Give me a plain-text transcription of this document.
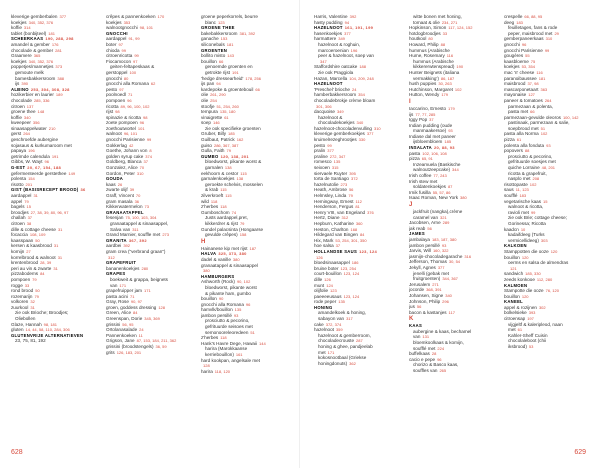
kleverige gemberbalen 377
koekjes 340, 352, 376
koffie 314
tablet (bonbijteel) 181
SCHEERKAAS 190, 288, 298
amandel & gember 176
chocolade & gember 281
Graamere 365
koekjes 340, 352, 376
poppetjes/mannetjes 373
gemoute melk
bamesbakkersroom 388
ijs 390
ALBINO 253, 304, 308, 328
hozikerbier en laurier 189
chocolade 285, 336
citroen 137
groene thee 148
koffie 340
kweepeer 356
sinaasappelwater 210
gerst 264
geschroefde aubergine
sojasaus & kurkumaroom met
papaya 196
getrimde calendula 191
Gibbs, W. Wayt 96
G-EST 20, 67, 154, 188
gefermenteerde gerstethee 149
polenta 154
risotto 201
GIST (BASISRECEPT BROOD) 36
aardappel 31
appel 79
bagels 15
broodjes 27, 38, 39, 80, 96, 97
challah 37
citroen 38
dille & cottage cheese 31
focaccia 108, 109
kaasspaan 50
kersen & kaasbrood 31
komijn 27
korrelbrood & walnoot 31
krentenbrood 28, 39
peri au vin & zwarte 31
pizzabodems 84
pompoen 79
rogge 33
rond brood 50
rozemarijn 79
volkoren 32
zuurkool 31
zie ook Brioche; Broodjes;
Oliebollen
Glaze, Hannah 98, 181
gluten 14, 44, 58, 110, 284, 306
GLUTENVRIJE ALTERNATIEVEN
23, 75, 81, 192
crêpes & pannenkoeken 170
koekjes 353
walnootgnocchi 98, 101
GNOCCHI
aardappel 91, 99
boter 97
chioda 99
citroenricotta 99
Fiocamocon 97
geiten-feltapeskaas &
gerstoppel 100
gnocchi 80
gnocchi alla Romana 62
pesto 97
poolnoedl 71
pompoen 96
ricotta 89, 96, 100, 102
rijst 98
spinazie & ricotta 98
zoete pompoen 96
zoethoutwortel 101
walnoot 96, 101
gnocchi Parisienne 99
Gokkerlag 42
Goethe, Johann von 8
golden syrup cake 374
Goldberg, Blanca 37
Gonzalez, Alice 70
Gordon, Peter 310
GOUDA
kaas 26
zwarte olijf 39
Graff, Vincent 70
gram masala 36
Kikkerwatermelon 73
GRANAATAPPEL
fesenjan 75, 100, 103, 304
granaatappel & sinaasappel,
Salva van 311
Grand Marnier, souffle met 273
GRANITA 367, 392
aardbei 392
gram crea ("verbrand graan")
312
GRAPEFRUIT
bananenkoekjes 280
GRAPES
boekweit & grappa, beignets
van 171
grapefruipper jam 171
pasta acini 71
Gray, Rose 90, 97
groen, goddess dressing 128
Green, Alice 84
Greenspan, Dorie 345, 369
grissini 56, 95
Ortolanasalade 24
Pannenkoeken 11
Grigson, Jane 87, 153, 184, 211, 362
grissini (broodstengels) 36, 59
grits 126, 183, 201
groene peperkorrels, beurre
blanc 123
GROENE THEE
bakebakkersroom 381, 392
ganache 153
siliconebals 181
GROENTEN
bollito misto 143
bouillon 66
genoemde groenten en
getrokte rijst 191
'hedge dressearheid' 178, 256
ijs pan 94
kardepoke & groentebouil 66
olie 261, 290
olie 254
stoofje 51, 254, 260
tempura 135, 180
vinaigrette 61
soep 146
zie ook specifieke groenten
Gruber, Billy 185
Guilbaut, Patrick 162
guiso 286, 367, 387
Gulla, Faith 79
GUMBO 120, 138, 201
bloedworst, pikante worst &
garnalen 138
eekhoorn & cestor 115
garnalenkoekjes 138
geroekte schelvis, mosselen
& krab 115
zilverkroeft 115
wild 118
z'herbes 118
Gumboschom 74
Justs aardappel,pret,
kikkerdrer & rijst 79
Gundel palacsinta (Hongaarse
gevulde crêpes) 158
H
Hainanese kip met rijst 187
HALVA 325, 373, 380
dadel & vanille 380
granaatappel & sinaasappel
380
HAMBURGERS
Ashworth (Rock) 90, 102
bloedworst, pikante worst
& pikante ham, gumbo
bouillon 90
gnocchi alla Romana 96
hamvlk/bouillon 135
jambon persillé 93
prosciutto & pecorino,
gefrituurde seisoes met
semonooreleoredeen 51
z'herbes 118
Hank's Havre Dege, Hawaii 144
harira (Marokkaanse
kerriebouillon) 161
hard kookpan, angelsale met
128
harira 118, 120
628
Harris, Valentine 392
hasty pudding 94
HAZELNOOT 161, 191, 199
hasenkoekjes 377
harmattere 349
hazelnoot & roghuin,
marcoeroenian 196
peer & hazelnoot, soep van
347
Staffordshire oatcake 188
zie ook Praggiola
Hazan, Marcella 104, 209, 248
HAZELNOOT
'Preschel' brioche 24
hamberbakkersroom 354
chocoladebrokje crème bloam
301, 306
dacquoise 349
hazelnoot &
chocoladekoekjes 340
hazelnoot-chocoladenvulling 310
kleverige gemberkoekjes 377
kruimelrezeghrootjes 330
pesto 99
pralin 377
praline 272, 347
romesco 135
seixoen 315
siervaele Ruyter 395
torta de Santiago 372
hazelnutolie 273
Heath, Ambrose 56
Helmsley, Linda 79
Hemingway, Ernest 112
Henderson, Fergus 81
Henry VIII, van Engeland 376
Hertz, Diane 312
Hepburn, Katharine 360
Heston, Charlton 168
Hildegard van Bingen 84
Hix, Mark 53, 254, 301, 350
hoe salsa 37
HOLLANDSE SAUS 123, 124
126
bloedsinaasappel 186
bruine boter 123, 254
court-bouillon 123, 124
dille 126
munt 124
olijfolie 123
paeeeeusaus 123, 124
rode peper 135
HONING
amandelkoek & honing,
sabayon van 317
cake 372, 374
hazelnoot 359
hazelnoot & gemberroom,
chocoladecrouste 287
honing & ghee, pandjeelab
met 171
kokosnootbaal (Griekse
honingdonuts) 362
witte bonen met honing,
tomaat & olie 234, 271
Hopkinson, Simon 117, 124, 152
hotdogbroodjes 33
houtkool 80
Howard, Philip 88
hummus (Arabische
Hume, Rosemary 116
hummus (Arabische
kikkererwtenspread) 190
Hunter Beignets (italiana
vermakking') 86, 187
hush puppies 30, 263
Hutchinson, Margaret 102
Hutton, Wendy 179
I
Iaccarino, Ernesto 179
ijs 77, 77, 285
Iggy Pop 37
Indian pudding (oude
manmaakersoe) 93
Indiase dal met paneer
ijsbloembloem 185
INSALATA 20, 88, 93
pasta 102, 106, 108
pizza 65, 91
Inzeamuela (Baskische
walnoutzeepcake) 344
Irish coffee 77, 243
Irish stew met
soldatenkoekjes 87
Irnik fusilla 55, 57, 86
Isaac Roman, New York 380
J
jackfruit (nangka),crème
caramel van 321
Jacobsen, Arne 289
jak reab 56
JAMES
jambalaya 183, 187, 380
jambon persillé 93
Jarvis, Will 160, 322
jasmijn-chocoladegarache 316
Jefferson, Thomas 30, 54
Jekyll, Agnes 377
jenelli (gebak met
fruitgroenten) 344, 367
Jerusalem 271
jocorde 368, 391
Johansen, Signe 340
Johnson, Philip 296
jus 56
bacon & kastanjes 117
K
KAAS
aubergine & kaas, bechamel
van 131
bloemkoolkaas & komijn,
soufflé met 224
buffelkaas 28
cacio e pepe 96
chorizo & Basco kaas,
souffles van 265
crespelle 66, 88, 95
deeg 183
feuilletages, fans & rode
peper, maisbrood met 29
gemberpaneerkaas 310
gnocchi 96
gnocchi Parisienne 99
gougères 55
kaasbloeme 75
koekjes 53, 354
mac 'n' cheese 116
paranoibaussee 181
maisbrood 37, 98
mascarponetaart 363
mayonaise 127
paneer & tomatoes 264
parmezaan & polenta,
pasta met 66
parmezaan-gevulde oleoros 100, 142
pastinaak, parmezaan & salie,
soepbrood met 51
pasta alla Norma 102
pizza 61
polenta alla fonduta 93
popovers 88
prosciutto & pecorino,
gefrituurde soesjes met
quiche Lorraine 48, 201
ricotta & grapefruit,
nasplo met 208
risottopaste 102
saus 11, 123
soufflé 183
vegetarische kaas 15
walnoot & ricotta,
ravioli met 99
zie ook Brie; cottage cheese;
Gorinessa; Ricotta
kaadcn 10
kadaifdeeg (Turks
vermicellideeg) 303
KALKOEN
Stamppotten die ooze 120
bouillon 120
oerms en salsa de almendras
121
sandwich 185, 330
zeeds konkooe 112, 280
KALMOEN
Stampotte die ooze 76, 120
bouillon 120
KANEEL
appel & rozijnen 302
bolkelsieke 393
citroensap 197
vijgjeltf & kaleripleod, naan
met 61
Kahler-Sheff Cuisin
chocolaleboot (chii
iksbrood) 53
629
